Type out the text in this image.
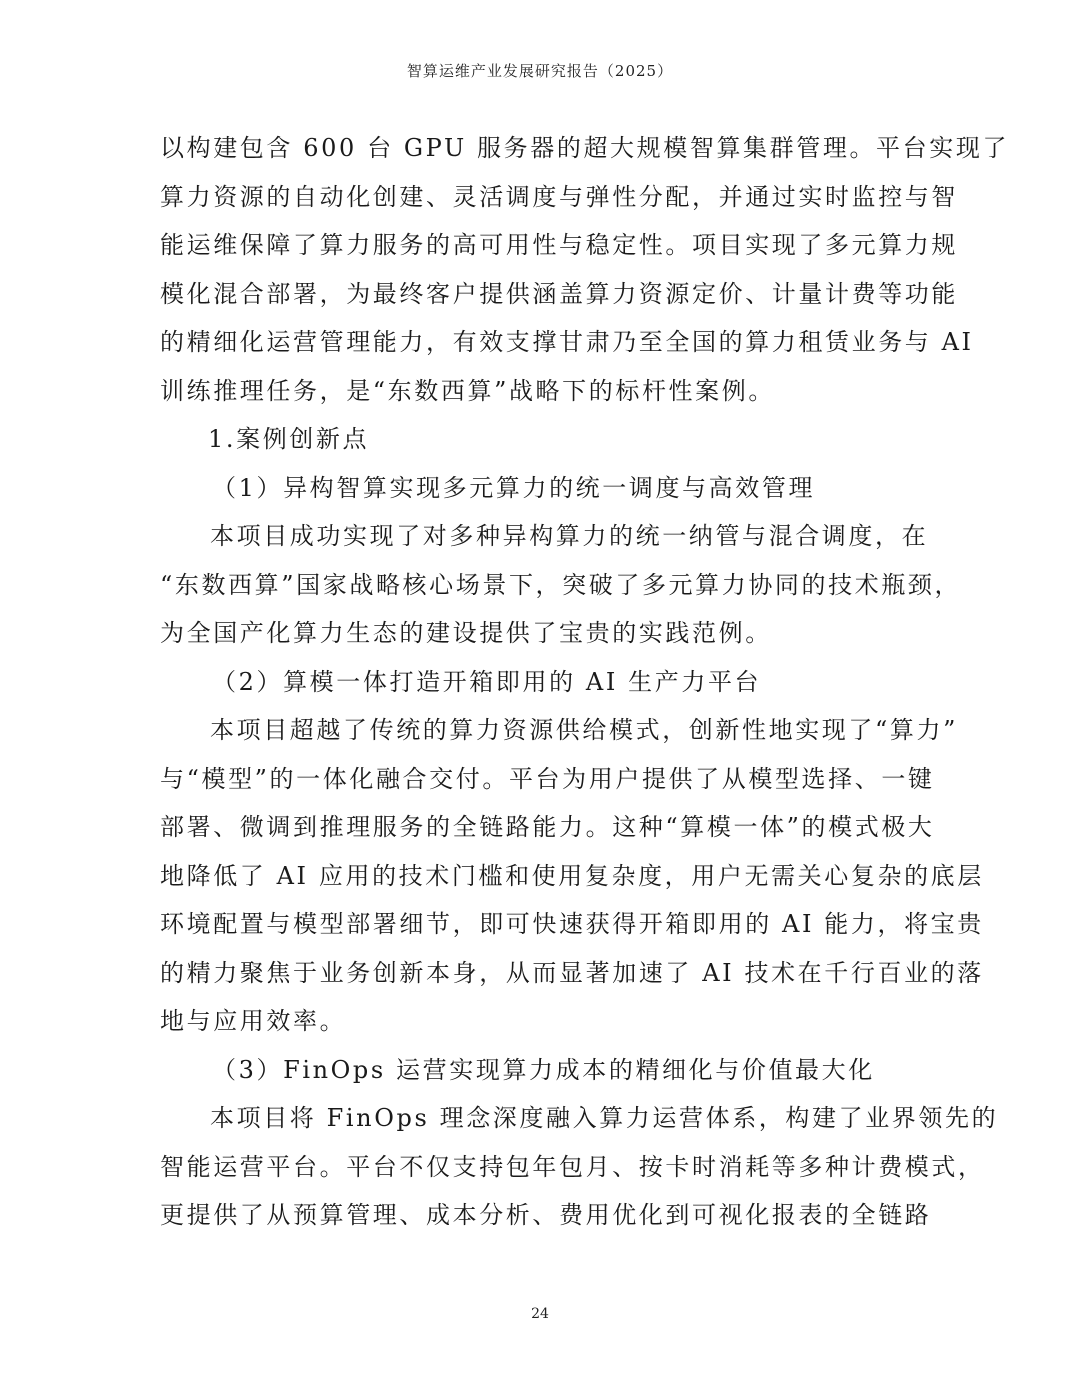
智算运维产业发展研究报告（2025）
以构建包含 600 台 GPU 服务器的超大规模智算集群管理。平台实现了
算力资源的自动化创建、灵活调度与弹性分配，并通过实时监控与智
能运维保障了算力服务的高可用性与稳定性。项目实现了多元算力规
模化混合部署，为最终客户提供涵盖算力资源定价、计量计费等功能
的精细化运营管理能力，有效支撑甘肃乃至全国的算力租赁业务与 AI
训练推理任务，是“东数西算”战略下的标杆性案例。
1.案例创新点
（1）异构智算实现多元算力的统一调度与高效管理
本项目成功实现了对多种异构算力的统一纳管与混合调度，在
“东数西算”国家战略核心场景下，突破了多元算力协同的技术瓶颈，
为全国产化算力生态的建设提供了宝贵的实践范例。
（2）算模一体打造开箱即用的 AI 生产力平台
本项目超越了传统的算力资源供给模式，创新性地实现了“算力”
与“模型”的一体化融合交付。平台为用户提供了从模型选择、一键
部署、微调到推理服务的全链路能力。这种“算模一体”的模式极大
地降低了 AI 应用的技术门槛和使用复杂度，用户无需关心复杂的底层
环境配置与模型部署细节，即可快速获得开箱即用的 AI 能力，将宝贵
的精力聚焦于业务创新本身，从而显著加速了 AI 技术在千行百业的落
地与应用效率。
（3）FinOps 运营实现算力成本的精细化与价值最大化
本项目将 FinOps 理念深度融入算力运营体系，构建了业界领先的
智能运营平台。平台不仅支持包年包月、按卡时消耗等多种计费模式，
更提供了从预算管理、成本分析、费用优化到可视化报表的全链路
24
